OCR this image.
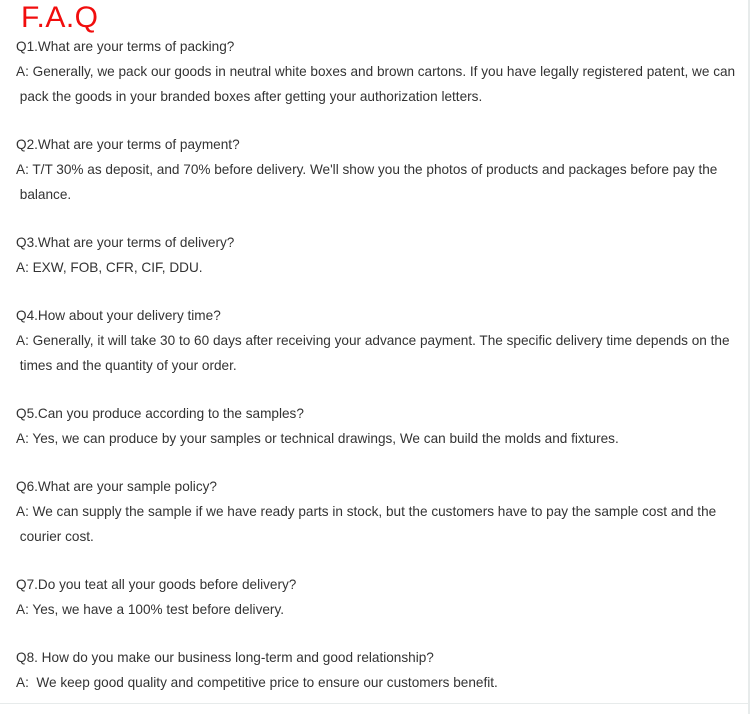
F.A.Q
Q1.What are your terms of packing?
A: Generally, we pack our goods in neutral white boxes and brown cartons. If you have legally registered patent, we can
pack the goods in your branded boxes after getting your authorization letters.
Q2.What are your terms of payment?
A: T/T 30% as deposit, and 70% before delivery. We'll show you the photos of products and packages before pay the
balance.
Q3.What are your terms of delivery?
A: EXW, FOB, CFR, CIF, DDU.
Q4.How about your delivery time?
A: Generally, it will take 30 to 60 days after receiving your advance payment. The specific delivery time depends on the
times and the quantity of your order.
Q5.Can you produce according to the samples?
A: Yes, we can produce by your samples or technical drawings, We can build the molds and fixtures.
Q6.What are your sample policy?
A: We can supply the sample if we have ready parts in stock, but the customers have to pay the sample cost and the
courier cost.
Q7.Do you teat all your goods before delivery?
A: Yes, we have a 100% test before delivery.
Q8. How do you make our business long-term and good relationship?
A:  We keep good quality and competitive price to ensure our customers benefit.
